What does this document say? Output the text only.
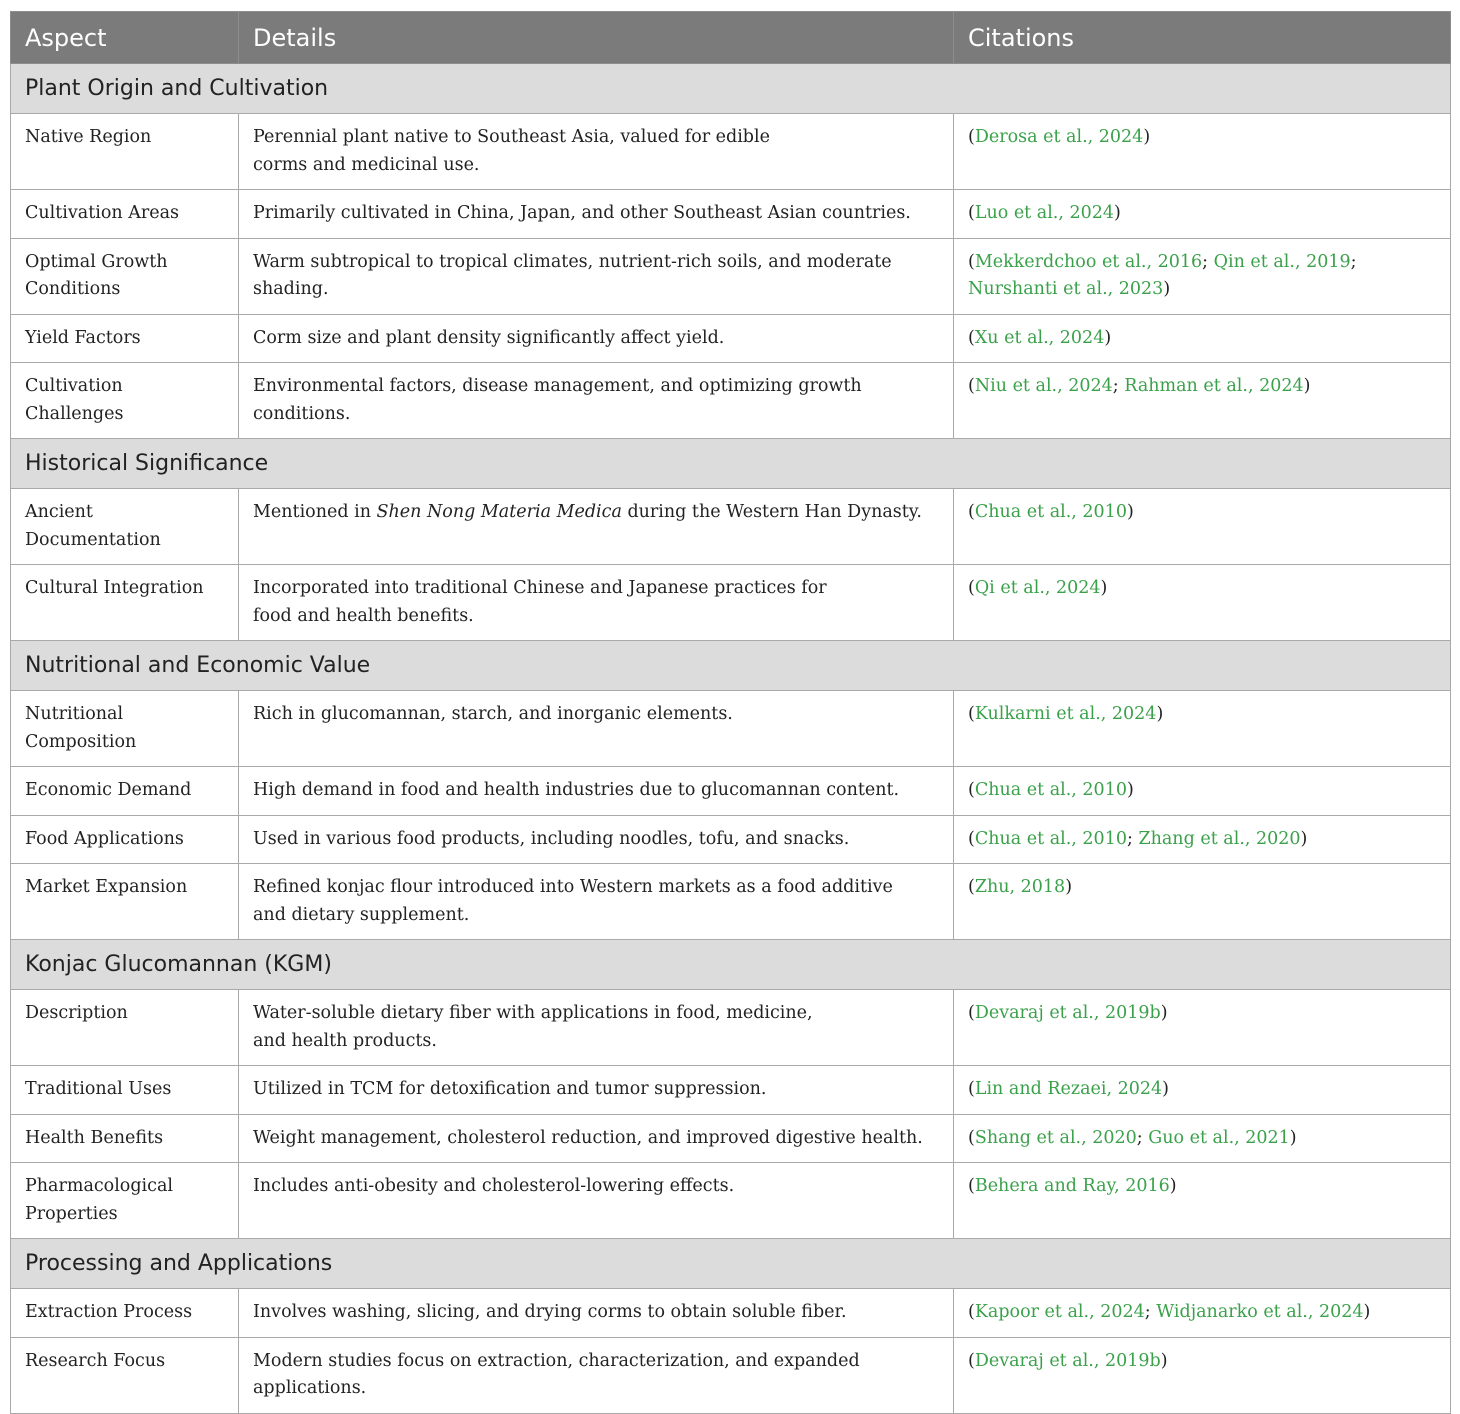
Aspect	Details	Citations
Plant Origin and Cultivation		

Native Region	Perennial plant native to Southeast Asia, valued for edible corms and medicinal use.	(Derosa et al., 2024)

Cultivation Areas	Primarily cultivated in China, Japan, and other Southeast Asian countries.	(Luo et al., 2024)

Optimal Growth Conditions	Warm subtropical to tropical climates, nutrient-rich soils, and moderate shading.	(Mekkerdchoo et al., 2016; Qin et al., 2019; Nurshanti et al., 2023)

Yield Factors	Corm size and plant density significantly affect yield.	(Xu et al., 2024)

Cultivation Challenges	Environmental factors, disease management, and optimizing growth conditions.	(Niu et al., 2024; Rahman et al., 2024)

Historical Significance		

Ancient Documentation	Mentioned in Shen Nong Materia Medica during the Western Han Dynasty.	(Chua et al., 2010)

Cultural Integration	Incorporated into traditional Chinese and Japanese practices for food and health benefits.	(Qi et al., 2024)

Nutritional and Economic Value		

Nutritional Composition	Rich in glucomannan, starch, and inorganic elements.	(Kulkarni et al., 2024)

Economic Demand	High demand in food and health industries due to glucomannan content.	(Chua et al., 2010)

Food Applications	Used in various food products, including noodles, tofu, and snacks.	(Chua et al., 2010; Zhang et al., 2020)

Market Expansion	Refined konjac flour introduced into Western markets as a food additive and dietary supplement.	(Zhu, 2018)

Konjac Glucomannan (KGM)		

Description	Water-soluble dietary fiber with applications in food, medicine, and health products.	(Devaraj et al., 2019b)

Traditional Uses	Utilized in TCM for detoxification and tumor suppression.	(Lin and Rezaei, 2024)

Health Benefits	Weight management, cholesterol reduction, and improved digestive health.	(Shang et al., 2020; Guo et al., 2021)

Pharmacological Properties	Includes anti-obesity and cholesterol-lowering effects.	(Behera and Ray, 2016)

Processing and Applications		

Extraction Process	Involves washing, slicing, and drying corms to obtain soluble fiber.	(Kapoor et al., 2024; Widjanarko et al., 2024)

Research Focus	Modern studies focus on extraction, characterization, and expanded applications.	(Devaraj et al., 2019b)
